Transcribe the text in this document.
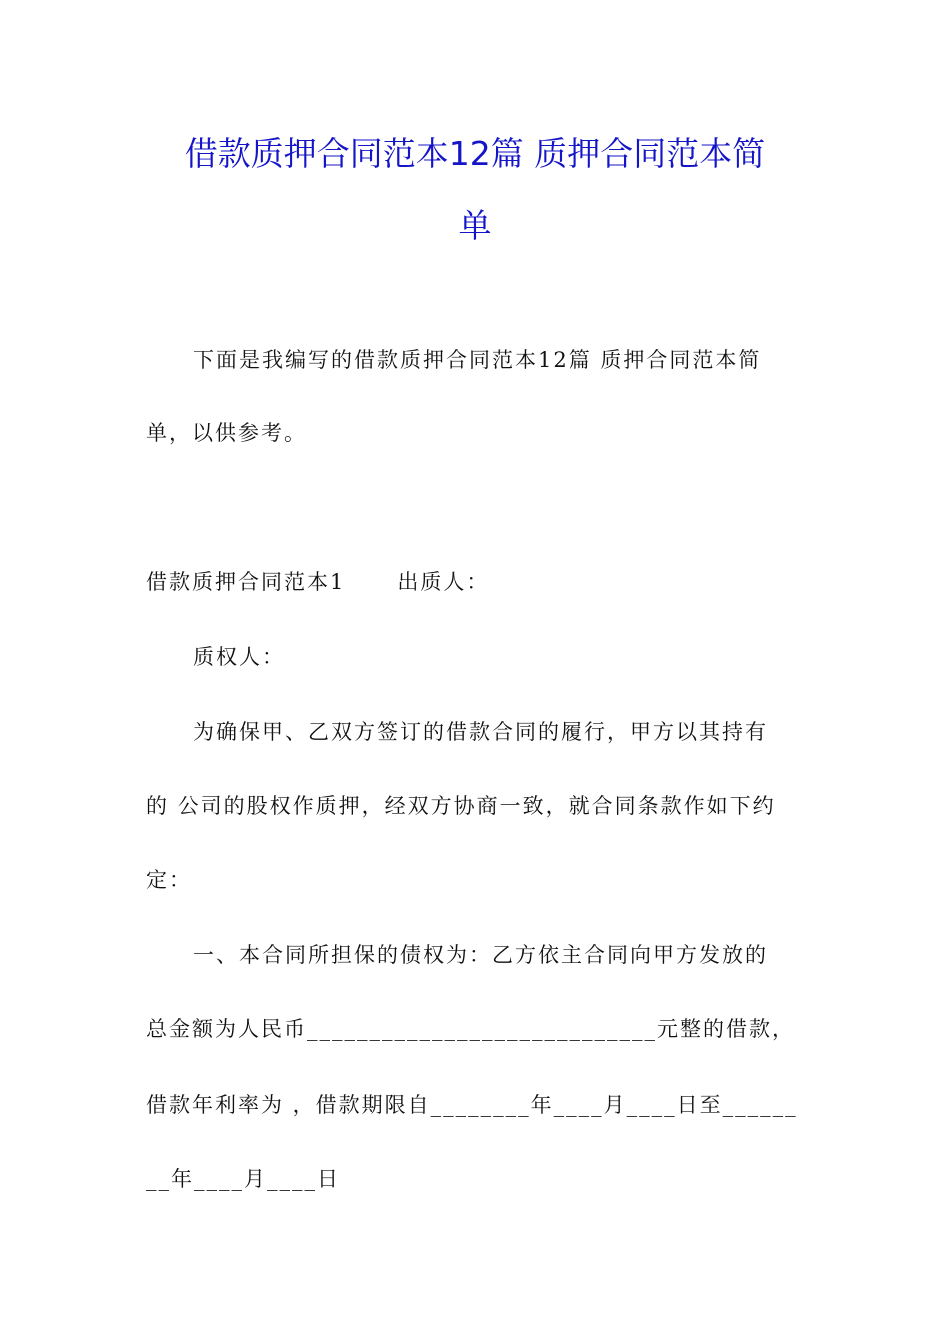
借款质押合同范本12篇 质押合同范本简
单
下面是我编写的借款质押合同范本12篇 质押合同范本简
单，以供参考。
借款质押合同范本1 出质人：
质权人：
为确保甲、乙双方签订的借款合同的履行，甲方以其持有
的 公司的股权作质押，经双方协商一致，就合同条款作如下约
定：
一、本合同所担保的债权为：乙方依主合同向甲方发放的
总金额为人民币____________________________元整的借款，
借款年利率为 ，借款期限自________年____月____日至______
__年____月____日
